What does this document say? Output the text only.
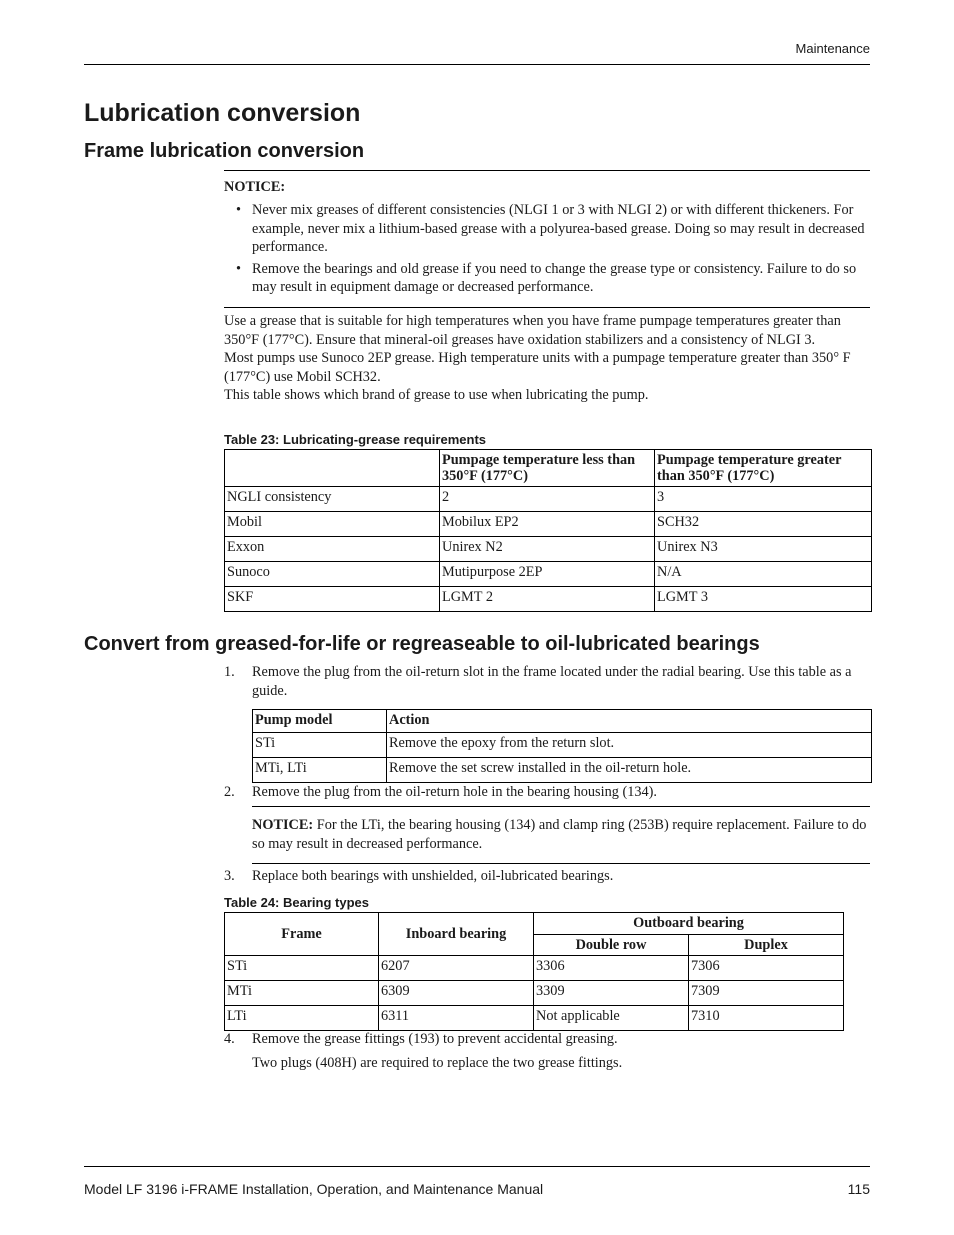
Maintenance
Lubrication conversion
Frame lubrication conversion
NOTICE:
• Never mix greases of different consistencies (NLGI 1 or 3 with NLGI 2) or with different thickeners. For example, never mix a lithium-based grease with a polyurea-based grease. Doing so may result in decreased performance.
• Remove the bearings and old grease if you need to change the grease type or consistency. Failure to do so may result in equipment damage or decreased performance.

Use a grease that is suitable for high temperatures when you have frame pumpage temperatures greater than 350°F (177°C). Ensure that mineral-oil greases have oxidation stabilizers and a consistency of NLGI 3.

Most pumps use Sunoco 2EP grease. High temperature units with a pumpage temperature greater than 350° F (177°C) use Mobil SCH32.

This table shows which brand of grease to use when lubricating the pump.

Table 23: Lubricating-grease requirements
	Pumpage temperature less than 350°F (177°C)	Pumpage temperature greater than 350°F (177°C)
NGLI consistency	2	3
Mobil	Mobilux EP2	SCH32
Exxon	Unirex N2	Unirex N3
Sunoco	Mutipurpose 2EP	N/A
SKF	LGMT 2	LGMT 3
Convert from greased-for-life or regreaseable to oil-lubricated bearings
1. Remove the plug from the oil-return slot in the frame located under the radial bearing. Use this table as a guide.

Pump model	Action
STi	Remove the epoxy from the return slot.
MTi, LTi	Remove the set screw installed in the oil-return hole.
2. Remove the plug from the oil-return hole in the bearing housing (134).

NOTICE: For the LTi, the bearing housing (134) and clamp ring (253B) require replacement. Failure to do so may result in decreased performance.

3. Replace both bearings with unshielded, oil-lubricated bearings.

Table 24: Bearing types
Frame	Inboard bearing	Outboard bearing	
		Double row	Duplex
STi	6207	3306	7306
MTi	6309	3309	7309
LTi	6311	Not applicable	7310
4. Remove the grease fittings (193) to prevent accidental greasing.

Two plugs (408H) are required to replace the two grease fittings.

Model LF 3196 i-FRAME Installation, Operation, and Maintenance Manual	115
